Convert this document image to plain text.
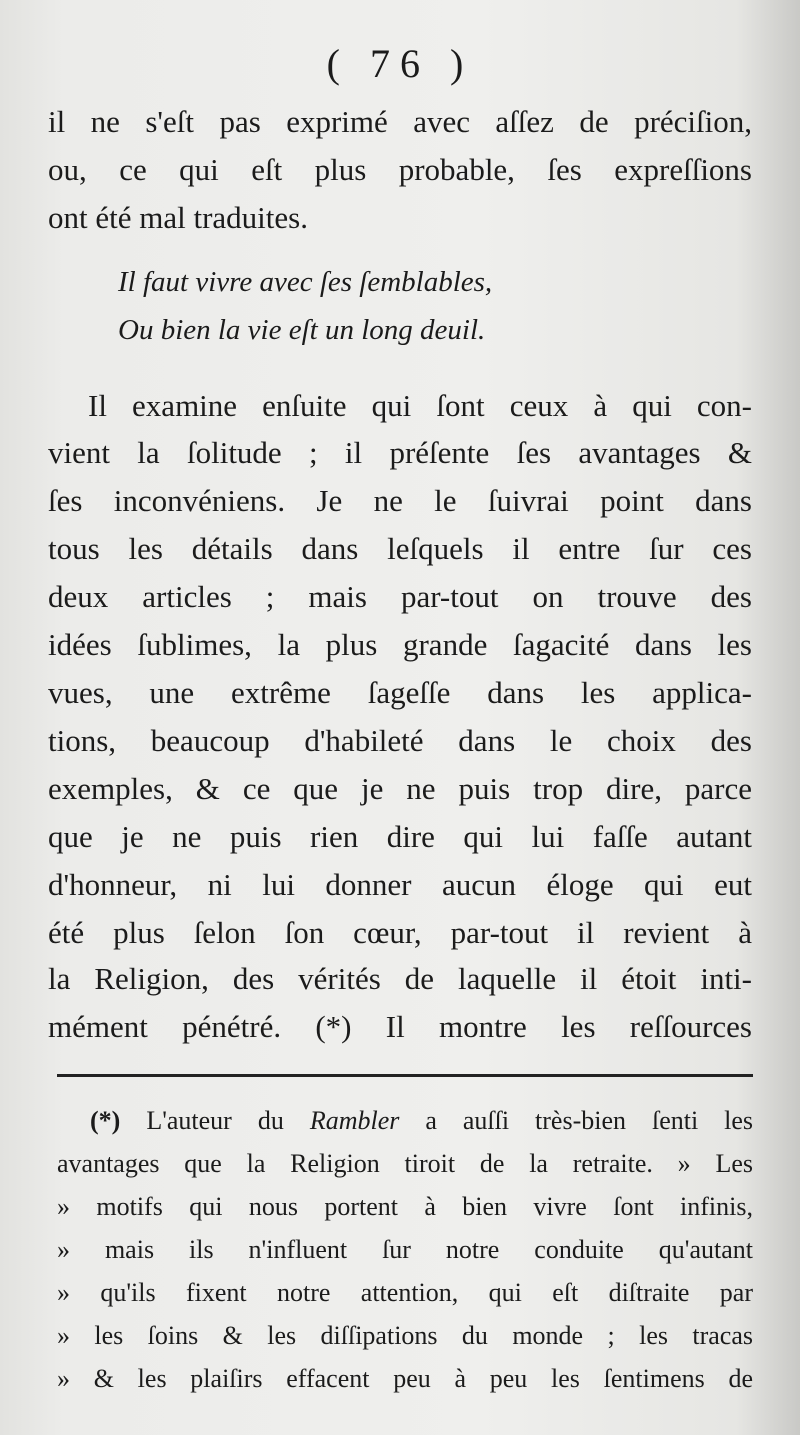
( 76 )
il ne s'eſt pas exprimé avec aſſez de préciſion,
ou, ce qui eſt plus probable, ſes expreſſions
ont été mal traduites.
Il faut vivre avec ſes ſemblables,
Ou bien la vie eſt un long deuil.
Il examine enſuite qui ſont ceux à qui con-
vient la ſolitude ; il préſente ſes avantages &
ſes inconvéniens. Je ne le ſuivrai point dans
tous les détails dans leſquels il entre ſur ces
deux articles ; mais par-tout on trouve des
idées ſublimes, la plus grande ſagacité dans les
vues, une extrême ſageſſe dans les applica-
tions, beaucoup d'habileté dans le choix des
exemples, & ce que je ne puis trop dire, parce
que je ne puis rien dire qui lui faſſe autant
d'honneur, ni lui donner aucun éloge qui eut
été plus ſelon ſon cœur, par-tout il revient à
la Religion, des vérités de laquelle il étoit inti-
mément pénétré. (*) Il montre les reſſources
(*) L'auteur du Rambler a auſſi très-bien ſenti les
avantages que la Religion tiroit de la retraite. » Les
» motifs qui nous portent à bien vivre ſont infinis,
» mais ils n'influent ſur notre conduite qu'autant
» qu'ils fixent notre attention, qui eſt diſtraite par
» les ſoins & les diſſipations du monde ; les tracas
» & les plaiſirs effacent peu à peu les ſentimens de
